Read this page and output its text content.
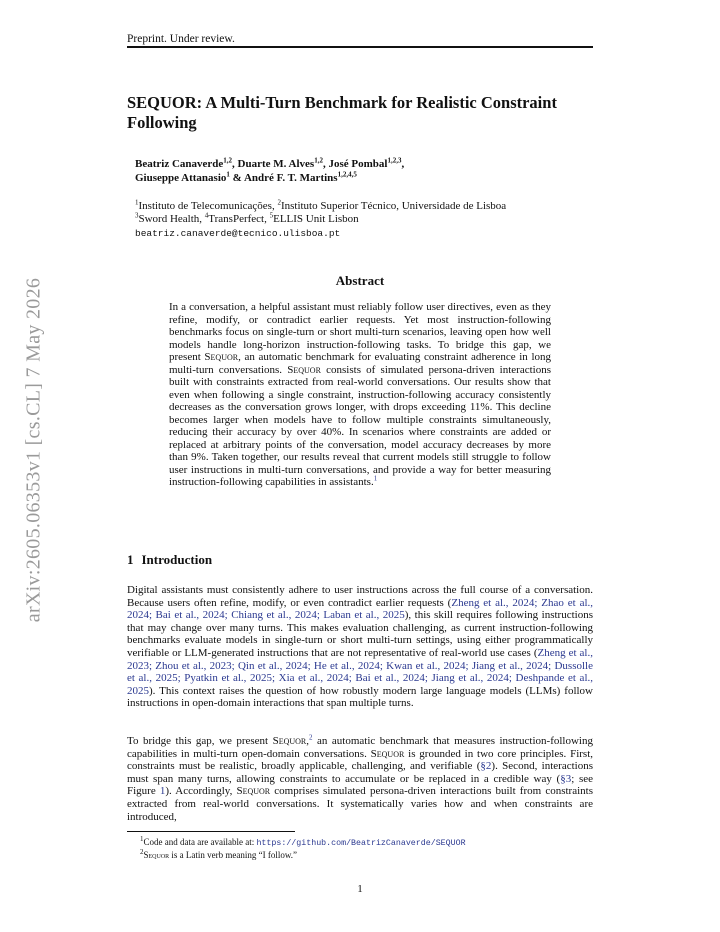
arXiv:2605.06353v1 [cs.CL] 7 May 2026
Preprint. Under review.
SEQUOR: A Multi-Turn Benchmark for Realistic Constraint Following
Beatriz Canaverde$^{1,2}$, Duarte M. Alves$^{1,2}$, José Pombal$^{1,2,3}$,
Giuseppe Attanasio$^1$ & André F. T. Martins$^{1,2,4,5}$
$^1$Instituto de Telecomunicações, $^2$Instituto Superior Técnico, Universidade de Lisboa
$^3$Sword Health, $^4$TransPerfect, $^5$ELLIS Unit Lisbon
beatriz.canaverde@tecnico.ulisboa.pt
Abstract
In a conversation, a helpful assistant must reliably follow user directives, even as they refine, modify, or contradict earlier requests. Yet most instruction-following benchmarks focus on single-turn or short multi-turn scenarios, leaving open how well models handle long-horizon instruction-following tasks. To bridge this gap, we present Sequor, an automatic benchmark for evaluating constraint adherence in long multi-turn conversations. Sequor consists of simulated persona-driven interactions built with constraints extracted from real-world conversations. Our results show that even when following a single constraint, instruction-following accuracy consistently decreases as the conversation grows longer, with drops exceeding 11%. This decline becomes larger when models have to follow multiple constraints simultaneously, reducing their accuracy by over 40%. In scenarios where constraints are added or replaced at arbitrary points of the conversation, model accuracy decreases by more than 9%. Taken together, our results reveal that current models still struggle to follow user instructions in multi-turn conversations, and provide a way for better measuring instruction-following capabilities in assistants.$^1$
1 Introduction
Digital assistants must consistently adhere to user instructions across the full course of a conversation. Because users often refine, modify, or even contradict earlier requests (Zheng et al., 2024; Zhao et al., 2024; Bai et al., 2024; Chiang et al., 2024; Laban et al., 2025), this skill requires following instructions that may change over many turns. This makes evaluation challenging, as current instruction-following benchmarks evaluate models in single-turn or short multi-turn settings, using either programmatically verifiable or LLM-generated instructions that are not representative of real-world use cases (Zheng et al., 2023; Zhou et al., 2023; Qin et al., 2024; He et al., 2024; Kwan et al., 2024; Jiang et al., 2024; Dussolle et al., 2025; Pyatkin et al., 2025; Xia et al., 2024; Bai et al., 2024; Jiang et al., 2024; Deshpande et al., 2025). This context raises the question of how robustly modern large language models (LLMs) follow instructions in open-domain interactions that span multiple turns.
To bridge this gap, we present Sequor,$^2$ an automatic benchmark that measures instruction-following capabilities in multi-turn open-domain conversations. Sequor is grounded in two core principles. First, constraints must be realistic, broadly applicable, challenging, and verifiable (§2). Second, interactions must span many turns, allowing constraints to accumulate or be replaced in a credible way (§3; see Figure 1). Accordingly, Sequor comprises simulated persona-driven interactions built from constraints extracted from real-world conversations. It systematically varies how and when constraints are introduced,
$^1$Code and data are available at: https://github.com/BeatrizCanaverde/SEQUOR
$^2$Sequor is a Latin verb meaning “I follow.”
1
